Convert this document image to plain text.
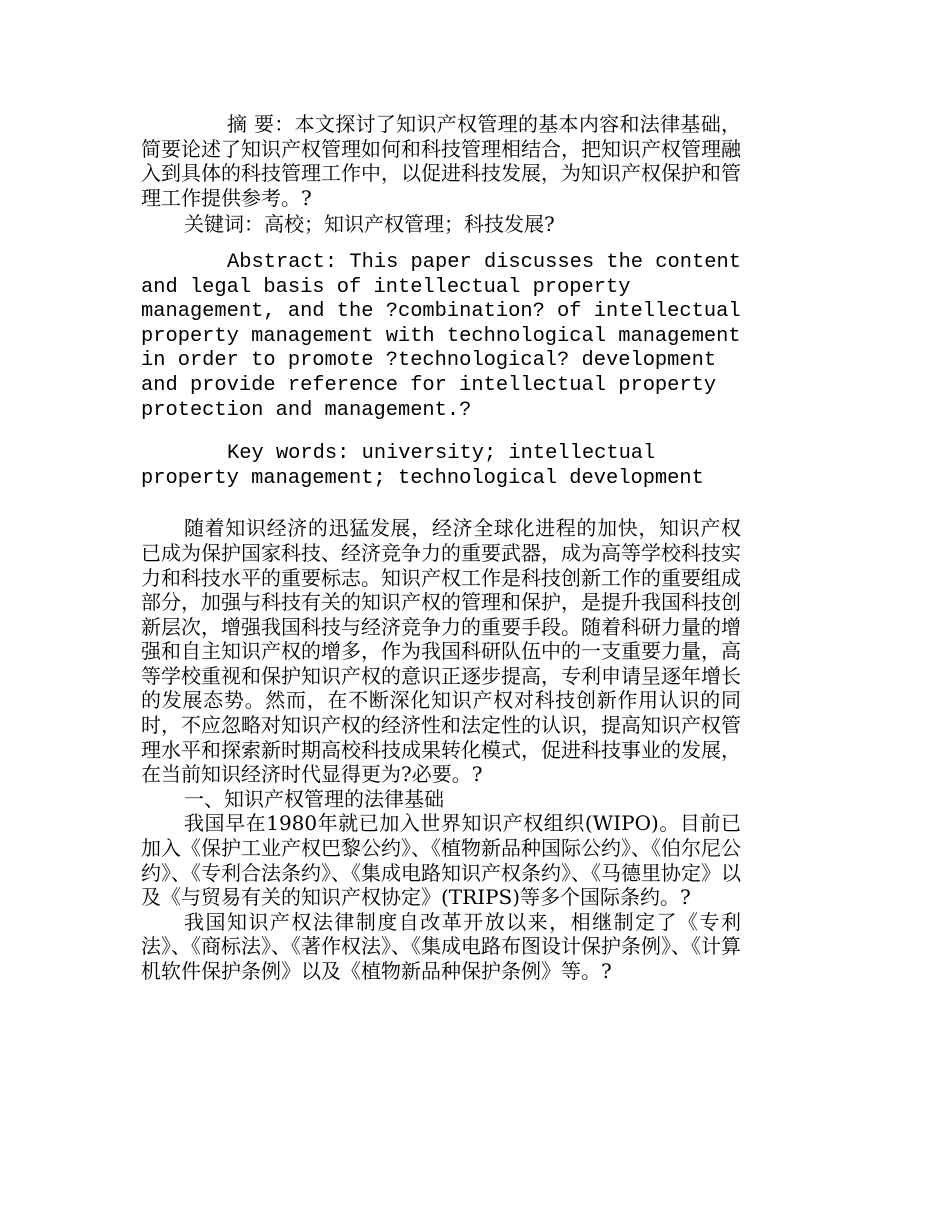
摘 要：本文探讨了知识产权管理的基本内容和法律基础，简要论述了知识产权管理如何和科技管理相结合，把知识产权管理融入到具体的科技管理工作中，以促进科技发展，为知识产权保护和管理工作提供参考。?

关键词：高校；知识产权管理；科技发展?

Abstract: This paper discusses the content and legal basis of intellectual property management, and the ?combination? of intellectual property management with technological management in order to promote ?technological? development and provide reference for intellectual property protection and management.?

Key words: university; intellectual property management; technological development

随着知识经济的迅猛发展，经济全球化进程的加快，知识产权已成为保护国家科技、经济竞争力的重要武器，成为高等学校科技实力和科技水平的重要标志。知识产权工作是科技创新工作的重要组成部分，加强与科技有关的知识产权的管理和保护，是提升我国科技创新层次，增强我国科技与经济竞争力的重要手段。随着科研力量的增强和自主知识产权的增多，作为我国科研队伍中的一支重要力量，高等学校重视和保护知识产权的意识正逐步提高，专利申请呈逐年增长的发展态势。然而，在不断深化知识产权对科技创新作用认识的同时，不应忽略对知识产权的经济性和法定性的认识，提高知识产权管理水平和探索新时期高校科技成果转化模式，促进科技事业的发展，在当前知识经济时代显得更为?必要。?

一、知识产权管理的法律基础

我国早在1980年就已加入世界知识产权组织(WIPO)。目前已加入《保护工业产权巴黎公约》、《植物新品种国际公约》、《伯尔尼公约》、《专利合法条约》、《集成电路知识产权条约》、《马德里协定》以及《与贸易有关的知识产权协定》(TRIPS)等多个国际条约。?

我国知识产权法律制度自改革开放以来，相继制定了《专利法》、《商标法》、《著作权法》、《集成电路布图设计保护条例》、《计算机软件保护条例》以及《植物新品种保护条例》等。?
